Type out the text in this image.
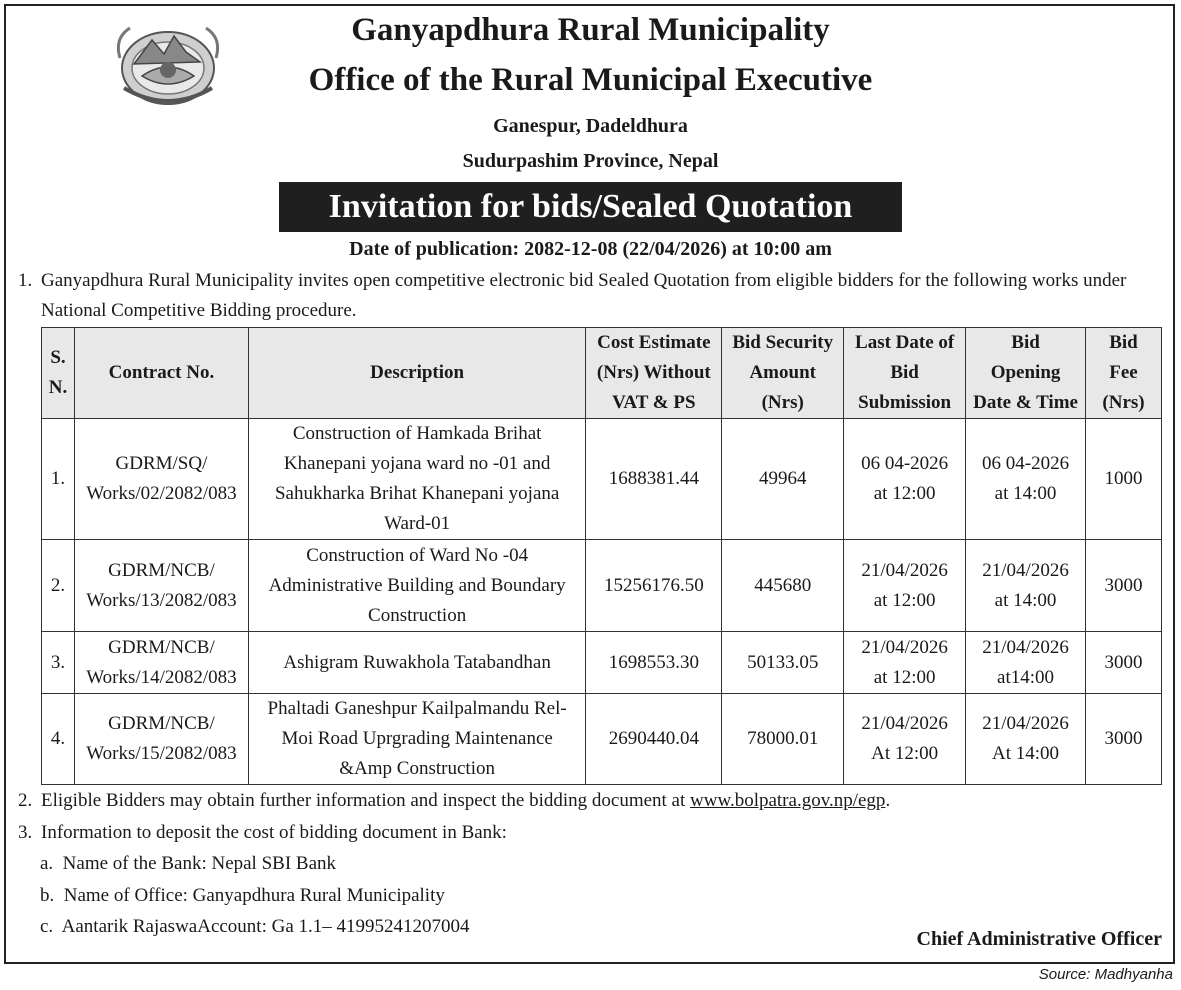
Ganyapdhura Rural Municipality
Office of the Rural Municipal Executive
Ganespur, Dadeldhura
Sudurpashim Province, Nepal
Invitation for bids/Sealed Quotation
Date of publication: 2082-12-08 (22/04/2026) at 10:00 am
1. Ganyapdhura Rural Municipality invites open competitive electronic bid Sealed Quotation from eligible bidders for the following works under National Competitive Bidding procedure.
S.
N.	Contract No.	Description	Cost Estimate
(Nrs) Without
VAT & PS	Bid Security
Amount
(Nrs)	Last Date of
Bid
Submission	Bid
Opening
Date & Time	Bid
Fee
(Nrs)
1.	GDRM/SQ/
Works/02/2082/083	Construction of Hamkada Brihat
Khanepani yojana ward no -01 and
Sahukharka Brihat Khanepani yojana
Ward-01	1688381.44	49964	06 04-2026
at 12:00	06 04-2026
at 14:00	1000
2.	GDRM/NCB/
Works/13/2082/083	Construction of Ward No -04
Administrative Building and Boundary
Construction	15256176.50	445680	21/04/2026
at 12:00	21/04/2026
at 14:00	3000
3.	GDRM/NCB/
Works/14/2082/083	Ashigram Ruwakhola Tatabandhan	1698553.30	50133.05	21/04/2026
at 12:00	21/04/2026
at14:00	3000
4.	GDRM/NCB/
Works/15/2082/083	Phaltadi Ganeshpur Kailpalmandu Rel-
Moi Road Uprgrading Maintenance
&Amp Construction	2690440.04	78000.01	21/04/2026
At 12:00	21/04/2026
At 14:00	3000
2. Eligible Bidders may obtain further information and inspect the bidding document at www.bolpatra.gov.np/egp.
3. Information to deposit the cost of bidding document in Bank:
a.  Name of the Bank: Nepal SBI Bank
b.  Name of Office: Ganyapdhura Rural Municipality
c.  Aantarik RajaswaAccount: Ga 1.1– 41995241207004
Chief Administrative Officer
Source: Madhyanha
